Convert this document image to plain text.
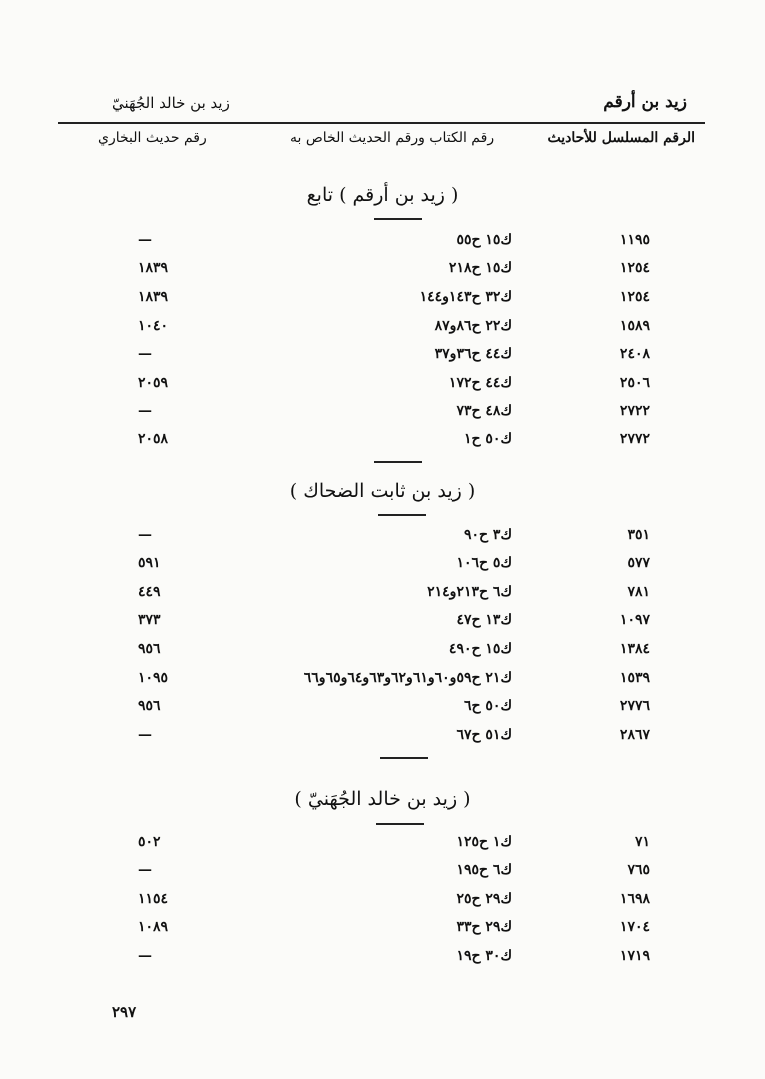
زيد بن أرقم
زيد بن خالد الجُهَنيّ
الرقم المسلسل للأحاديث
رقم الكتاب ورقم الحديث الخاص به
رقم حديث البخاري
( زيد بن أرقم ) تابع
١١٩٥
ك١٥ ح٥٥
—
١٢٥٤
ك١٥ ح٢١٨
١٨٣٩
١٢٥٤
ك٣٢ ح١٤٣و١٤٤
١٨٣٩
١٥٨٩
ك٢٢ ح٨٦و٨٧
١٠٤٠
٢٤٠٨
ك٤٤ ح٣٦و٣٧
—
٢٥٠٦
ك٤٤ ح١٧٢
٢٠٥٩
٢٧٢٢
ك٤٨ ح٧٣
—
٢٧٧٢
ك٥٠ ح١
٢٠٥٨
( زيد بن ثابت الضحاك )
٣٥١
ك٣ ح٩٠
—
٥٧٧
ك٥ ح١٠٦
٥٩١
٧٨١
ك٦ ح٢١٣و٢١٤
٤٤٩
١٠٩٧
ك١٣ ح٤٧
٣٧٣
١٣٨٤
ك١٥ ح٤٩٠
٩٥٦
١٥٣٩
ك٢١ ح٥٩و٦٠و٦١و٦٢و٦٣و٦٤و٦٥و٦٦
١٠٩٥
٢٧٧٦
ك٥٠ ح٦
٩٥٦
٢٨٦٧
ك٥١ ح٦٧
—
( زيد بن خالد الجُهَنيّ )
٧١
ك١ ح١٢٥
٥٠٢
٧٦٥
ك٦ ح١٩٥
—
١٦٩٨
ك٢٩ ح٢٥
١١٥٤
١٧٠٤
ك٢٩ ح٣٣
١٠٨٩
١٧١٩
ك٣٠ ح١٩
—
٢٩٧
